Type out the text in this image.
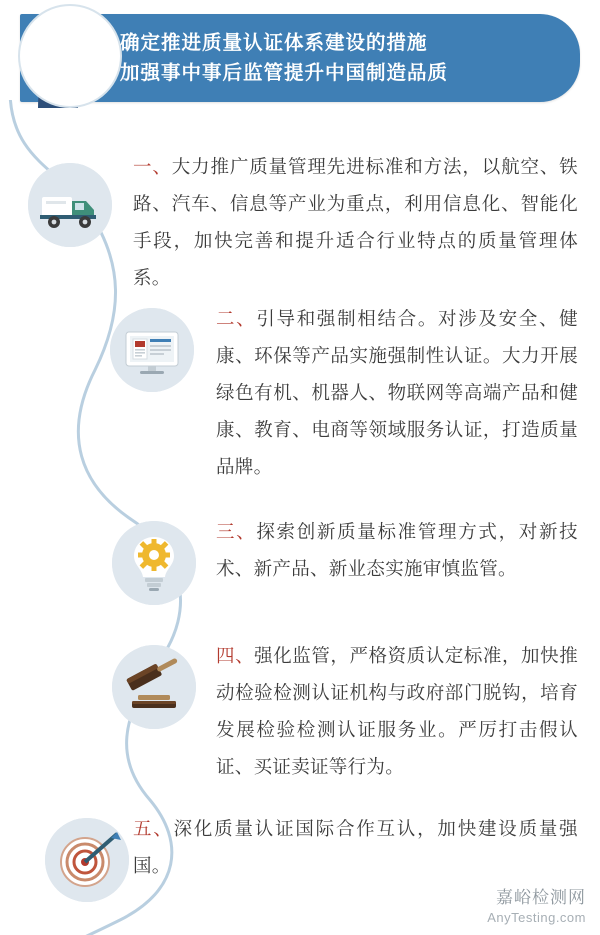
确定推进质量认证体系建设的措施
加强事中事后监管提升中国制造品质
一、大力推广质量管理先进标准和方法，以航空、铁路、汽车、信息等产业为重点，利用信息化、智能化手段，加快完善和提升适合行业特点的质量管理体系。
二、引导和强制相结合。对涉及安全、健康、环保等产品实施强制性认证。大力开展绿色有机、机器人、物联网等高端产品和健康、教育、电商等领域服务认证，打造质量品牌。
三、探索创新质量标准管理方式，对新技术、新产品、新业态实施审慎监管。
四、强化监管，严格资质认定标准，加快推动检验检测认证机构与政府部门脱钩，培育发展检验检测认证服务业。严厉打击假认证、买证卖证等行为。
五、深化质量认证国际合作互认，加快建设质量强国。
嘉峪检测网
AnyTesting.com
